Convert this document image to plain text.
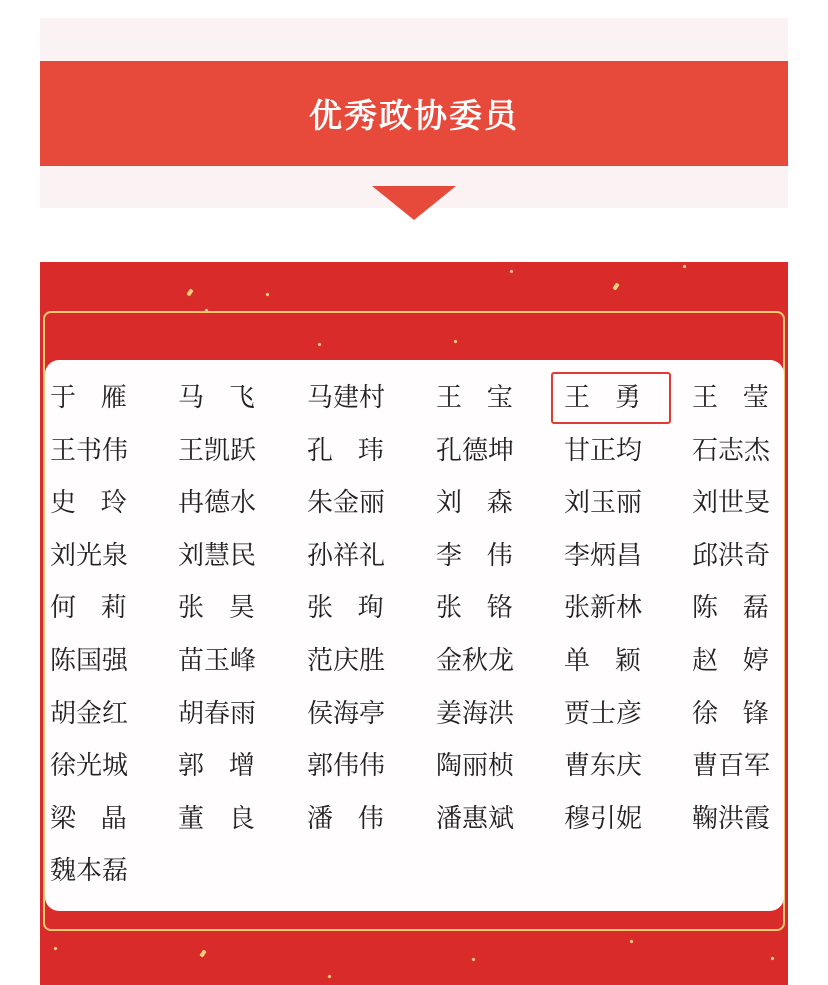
优秀政协委员
于   雁	马   飞	马建村	王   宝	王   勇	王   莹
王书伟	王凯跃	孔   玮	孔德坤	甘正均	石志杰
史   玲	冉德水	朱金丽	刘   森	刘玉丽	刘世旻
刘光泉	刘慧民	孙祥礼	李   伟	李炳昌	邱洪奇
何   莉	张   昊	张   珣	张   铬	张新林	陈   磊
陈国强	苗玉峰	范庆胜	金秋龙	单   颖	赵   婷
胡金红	胡春雨	侯海亭	姜海洪	贾士彦	徐   锋
徐光城	郭   增	郭伟伟	陶丽桢	曹东庆	曹百军
梁   晶	董   良	潘   伟	潘惠斌	穆引妮	鞠洪霞
魏本磊
